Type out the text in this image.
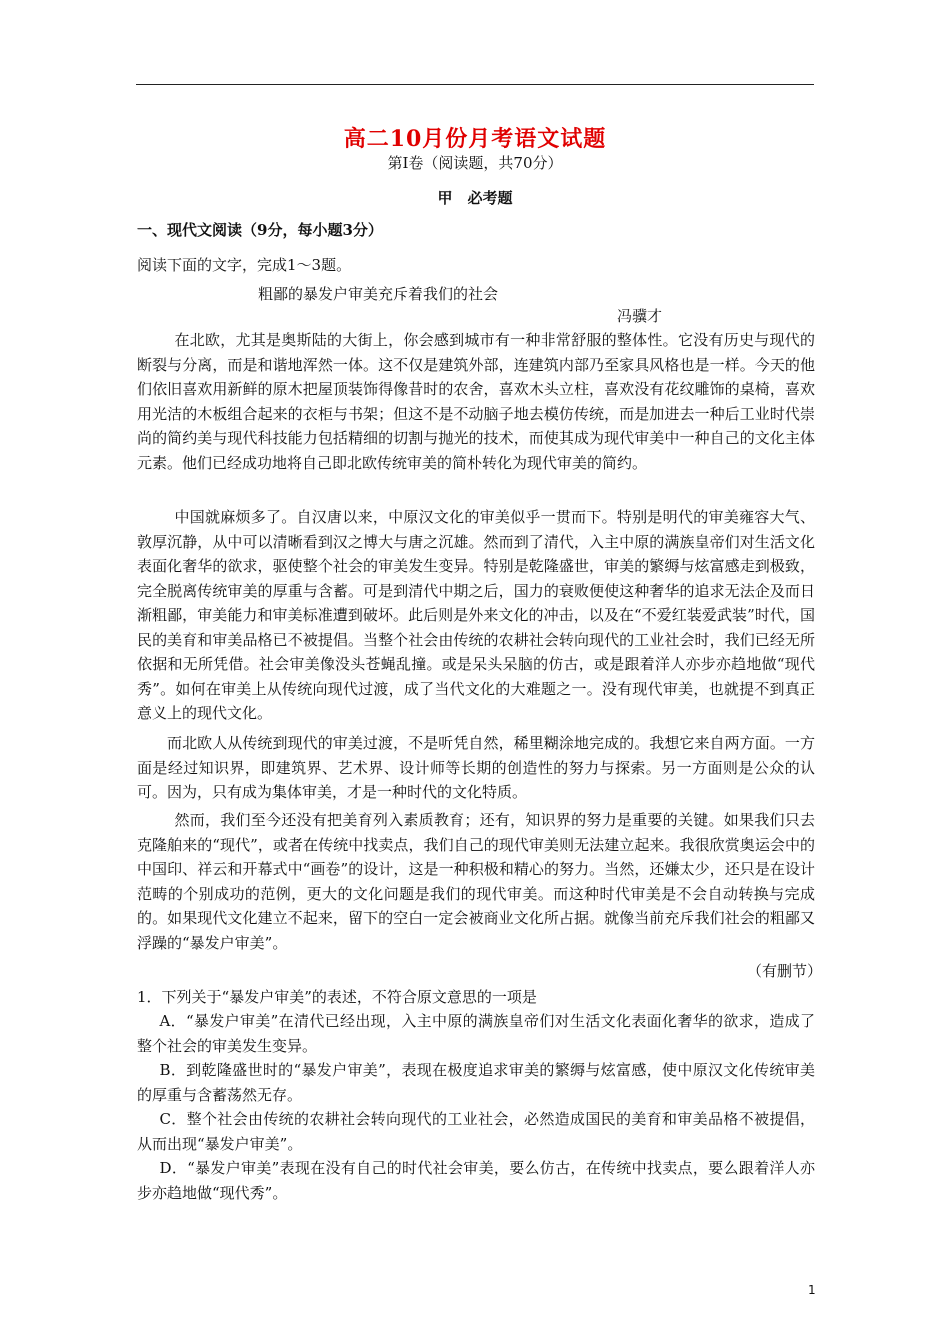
高二10月份月考语文试题
第Ⅰ卷（阅读题，共70分）
甲　必考题
一、现代文阅读（9分，每小题3分）
阅读下面的文字，完成1～3题。
粗鄙的暴发户审美充斥着我们的社会
冯骥才

在北欧，尤其是奥斯陆的大街上，你会感到城市有一种非常舒服的整体性。它没有历史与现代的断裂与分离，而是和谐地浑然一体。这不仅是建筑外部，连建筑内部乃至家具风格也是一样。今天的他们依旧喜欢用新鲜的原木把屋顶装饰得像昔时的农舍，喜欢木头立柱，喜欢没有花纹雕饰的桌椅，喜欢用光洁的木板组合起来的衣柜与书架；但这不是不动脑子地去模仿传统，而是加进去一种后工业时代崇尚的简约美与现代科技能力包括精细的切割与抛光的技术，而使其成为现代审美中一种自己的文化主体元素。他们已经成功地将自己即北欧传统审美的简朴转化为现代审美的简约。

中国就麻烦多了。自汉唐以来，中原汉文化的审美似乎一贯而下。特别是明代的审美雍容大气、敦厚沉静，从中可以清晰看到汉之博大与唐之沉雄。然而到了清代，入主中原的满族皇帝们对生活文化表面化奢华的欲求，驱使整个社会的审美发生变异。特别是乾隆盛世，审美的繁缛与炫富感走到极致，完全脱离传统审美的厚重与含蓄。可是到清代中期之后，国力的衰败便使这种奢华的追求无法企及而日渐粗鄙，审美能力和审美标准遭到破坏。此后则是外来文化的冲击，以及在“不爱红装爱武装”时代，国民的美育和审美品格已不被提倡。当整个社会由传统的农耕社会转向现代的工业社会时，我们已经无所依据和无所凭借。社会审美像没头苍蝇乱撞。或是呆头呆脑的仿古，或是跟着洋人亦步亦趋地做“现代秀”。如何在审美上从传统向现代过渡，成了当代文化的大难题之一。没有现代审美，也就提不到真正意义上的现代文化。

而北欧人从传统到现代的审美过渡，不是听凭自然，稀里糊涂地完成的。我想它来自两方面。一方面是经过知识界，即建筑界、艺术界、设计师等长期的创造性的努力与探索。另一方面则是公众的认可。因为，只有成为集体审美，才是一种时代的文化特质。

然而，我们至今还没有把美育列入素质教育；还有，知识界的努力是重要的关键。如果我们只去克隆舶来的“现代”，或者在传统中找卖点，我们自己的现代审美则无法建立起来。我很欣赏奥运会中的中国印、祥云和开幕式中“画卷”的设计，这是一种积极和精心的努力。当然，还嫌太少，还只是在设计范畴的个别成功的范例，更大的文化问题是我们的现代审美。而这种时代审美是不会自动转换与完成的。如果现代文化建立不起来，留下的空白一定会被商业文化所占据。就像当前充斥我们社会的粗鄙又浮躁的“暴发户审美”。

（有删节）
1．下列关于“暴发户审美”的表述，不符合原文意思的一项是

A．“暴发户审美”在清代已经出现，入主中原的满族皇帝们对生活文化表面化奢华的欲求，造成了整个社会的审美发生变异。

B．到乾隆盛世时的“暴发户审美”，表现在极度追求审美的繁缛与炫富感，使中原汉文化传统审美的厚重与含蓄荡然无存。

C．整个社会由传统的农耕社会转向现代的工业社会，必然造成国民的美育和审美品格不被提倡，从而出现“暴发户审美”。

D．“暴发户审美”表现在没有自己的时代社会审美，要么仿古，在传统中找卖点，要么跟着洋人亦步亦趋地做“现代秀”。

1
